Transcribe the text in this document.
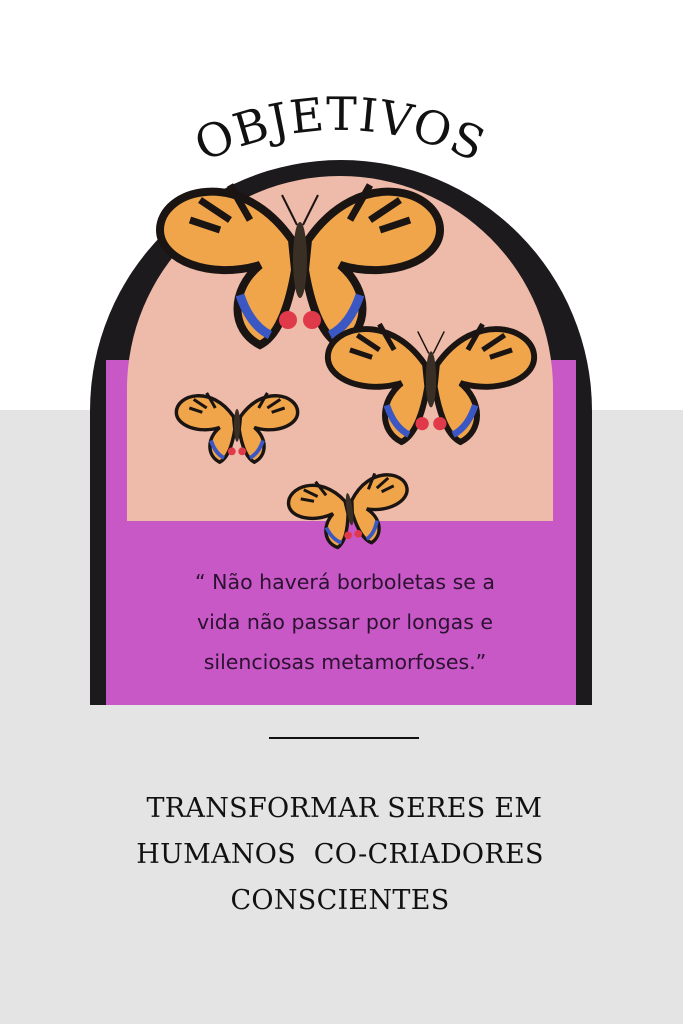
OBJETIVOS
“ Não haverá borboletas se a
vida não passar por longas e
silenciosas metamorfoses.”
TRANSFORMAR SERES EM
HUMANOS  CO-CRIADORES
CONSCIENTES
